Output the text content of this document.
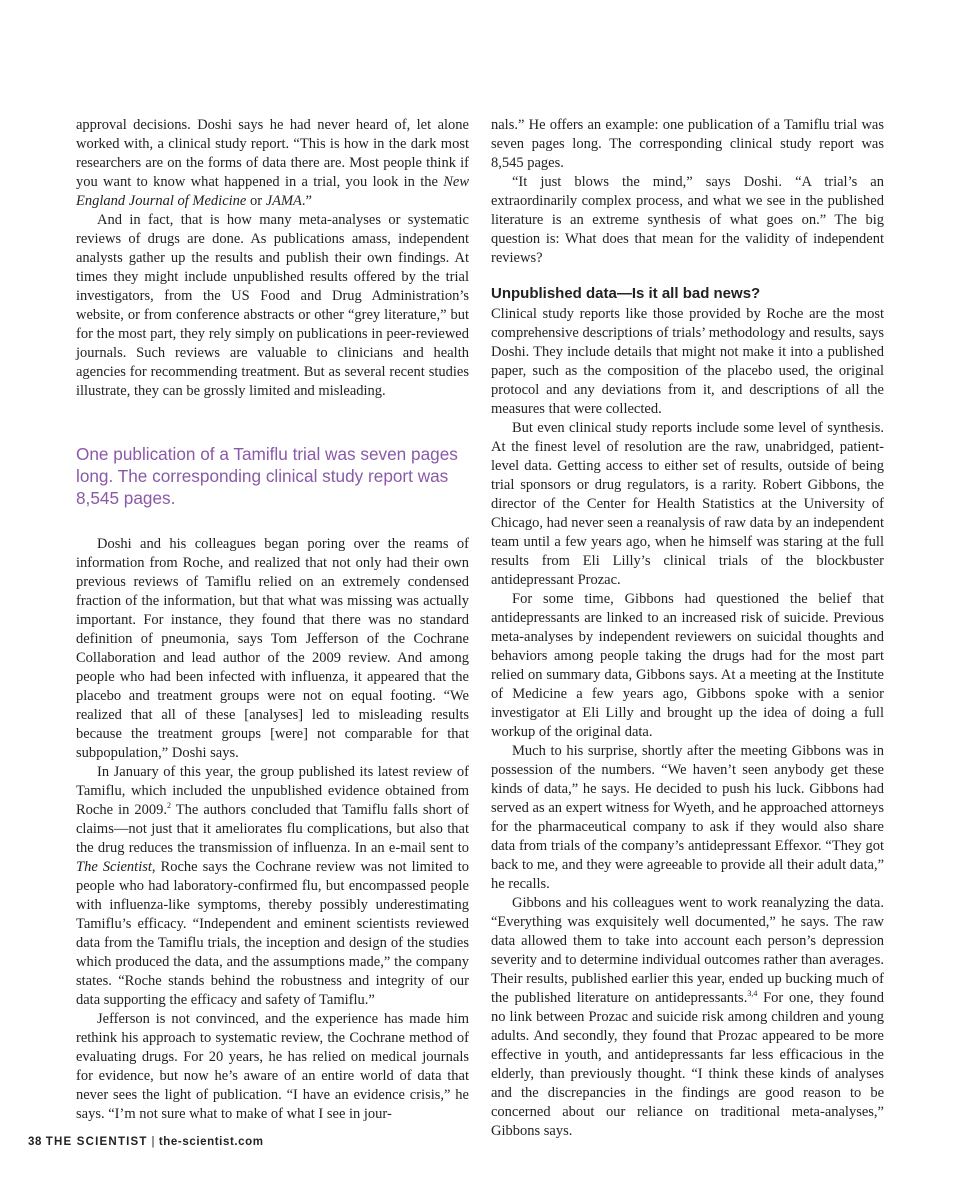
approval decisions. Doshi says he had never heard of, let alone worked with, a clinical study report. “This is how in the dark most researchers are on the forms of data there are. Most people think if you want to know what happened in a trial, you look in the New England Journal of Medicine or JAMA.”

And in fact, that is how many meta-analyses or systematic reviews of drugs are done. As publications amass, independent analysts gather up the results and publish their own findings. At times they might include unpublished results offered by the trial investigators, from the US Food and Drug Administration’s website, or from conference abstracts or other “grey literature,” but for the most part, they rely simply on publications in peer-reviewed journals. Such reviews are valuable to clinicians and health agencies for recommending treatment. But as several recent studies illustrate, they can be grossly limited and misleading.

One publication of a Tamiflu trial was seven pages long. The corresponding clinical study report was 8,545 pages.

Doshi and his colleagues began poring over the reams of information from Roche, and realized that not only had their own previous reviews of Tamiflu relied on an extremely condensed fraction of the information, but that what was missing was actually important. For instance, they found that there was no standard definition of pneumonia, says Tom Jefferson of the Cochrane Collaboration and lead author of the 2009 review. And among people who had been infected with influenza, it appeared that the placebo and treatment groups were not on equal footing. “We realized that all of these [analyses] led to misleading results because the treatment groups [were] not comparable for that subpopulation,” Doshi says.

In January of this year, the group published its latest review of Tamiflu, which included the unpublished evidence obtained from Roche in 2009.$^2$ The authors concluded that Tamiflu falls short of claims—not just that it ameliorates flu complications, but also that the drug reduces the transmission of influenza. In an e-mail sent to The Scientist, Roche says the Cochrane review was not limited to people who had laboratory-confirmed flu, but encompassed people with influenza-like symptoms, thereby possibly underestimating Tamiflu’s efficacy. “Independent and eminent scientists reviewed data from the Tamiflu trials, the inception and design of the studies which produced the data, and the assumptions made,” the company states. “Roche stands behind the robustness and integrity of our data supporting the efficacy and safety of Tamiflu.”

Jefferson is not convinced, and the experience has made him rethink his approach to systematic review, the Cochrane method of evaluating drugs. For 20 years, he has relied on medical journals for evidence, but now he’s aware of an entire world of data that never sees the light of publication. “I have an evidence crisis,” he says. “I’m not sure what to make of what I see in jour-

nals.” He offers an example: one publication of a Tamiflu trial was seven pages long. The corresponding clinical study report was 8,545 pages.

“It just blows the mind,” says Doshi. “A trial’s an extraordinarily complex process, and what we see in the published literature is an extreme synthesis of what goes on.” The big question is: What does that mean for the validity of independent reviews?

Unpublished data—Is it all bad news?

Clinical study reports like those provided by Roche are the most comprehensive descriptions of trials’ methodology and results, says Doshi. They include details that might not make it into a published paper, such as the composition of the placebo used, the original protocol and any deviations from it, and descriptions of all the measures that were collected.

But even clinical study reports include some level of synthesis. At the finest level of resolution are the raw, unabridged, patient-level data. Getting access to either set of results, outside of being trial sponsors or drug regulators, is a rarity. Robert Gibbons, the director of the Center for Health Statistics at the University of Chicago, had never seen a reanalysis of raw data by an independent team until a few years ago, when he himself was staring at the full results from Eli Lilly’s clinical trials of the blockbuster antidepressant Prozac.

For some time, Gibbons had questioned the belief that antidepressants are linked to an increased risk of suicide. Previous meta-analyses by independent reviewers on suicidal thoughts and behaviors among people taking the drugs had for the most part relied on summary data, Gibbons says. At a meeting at the Institute of Medicine a few years ago, Gibbons spoke with a senior investigator at Eli Lilly and brought up the idea of doing a full workup of the original data.

Much to his surprise, shortly after the meeting Gibbons was in possession of the numbers. “We haven’t seen anybody get these kinds of data,” he says. He decided to push his luck. Gibbons had served as an expert witness for Wyeth, and he approached attorneys for the pharmaceutical company to ask if they would also share data from trials of the company’s antidepressant Effexor. “They got back to me, and they were agreeable to provide all their adult data,” he recalls.

Gibbons and his colleagues went to work reanalyzing the data. “Everything was exquisitely well documented,” he says. The raw data allowed them to take into account each person’s depression severity and to determine individual outcomes rather than averages. Their results, published earlier this year, ended up bucking much of the published literature on antidepressants.$^{3,4}$ For one, they found no link between Prozac and suicide risk among children and young adults. And secondly, they found that Prozac appeared to be more effective in youth, and antidepressants far less efficacious in the elderly, than previously thought. “I think these kinds of analyses and the discrepancies in the findings are good reason to be concerned about our reliance on traditional meta-analyses,” Gibbons says.

38 THE SCIENTIST | the-scientist.com
